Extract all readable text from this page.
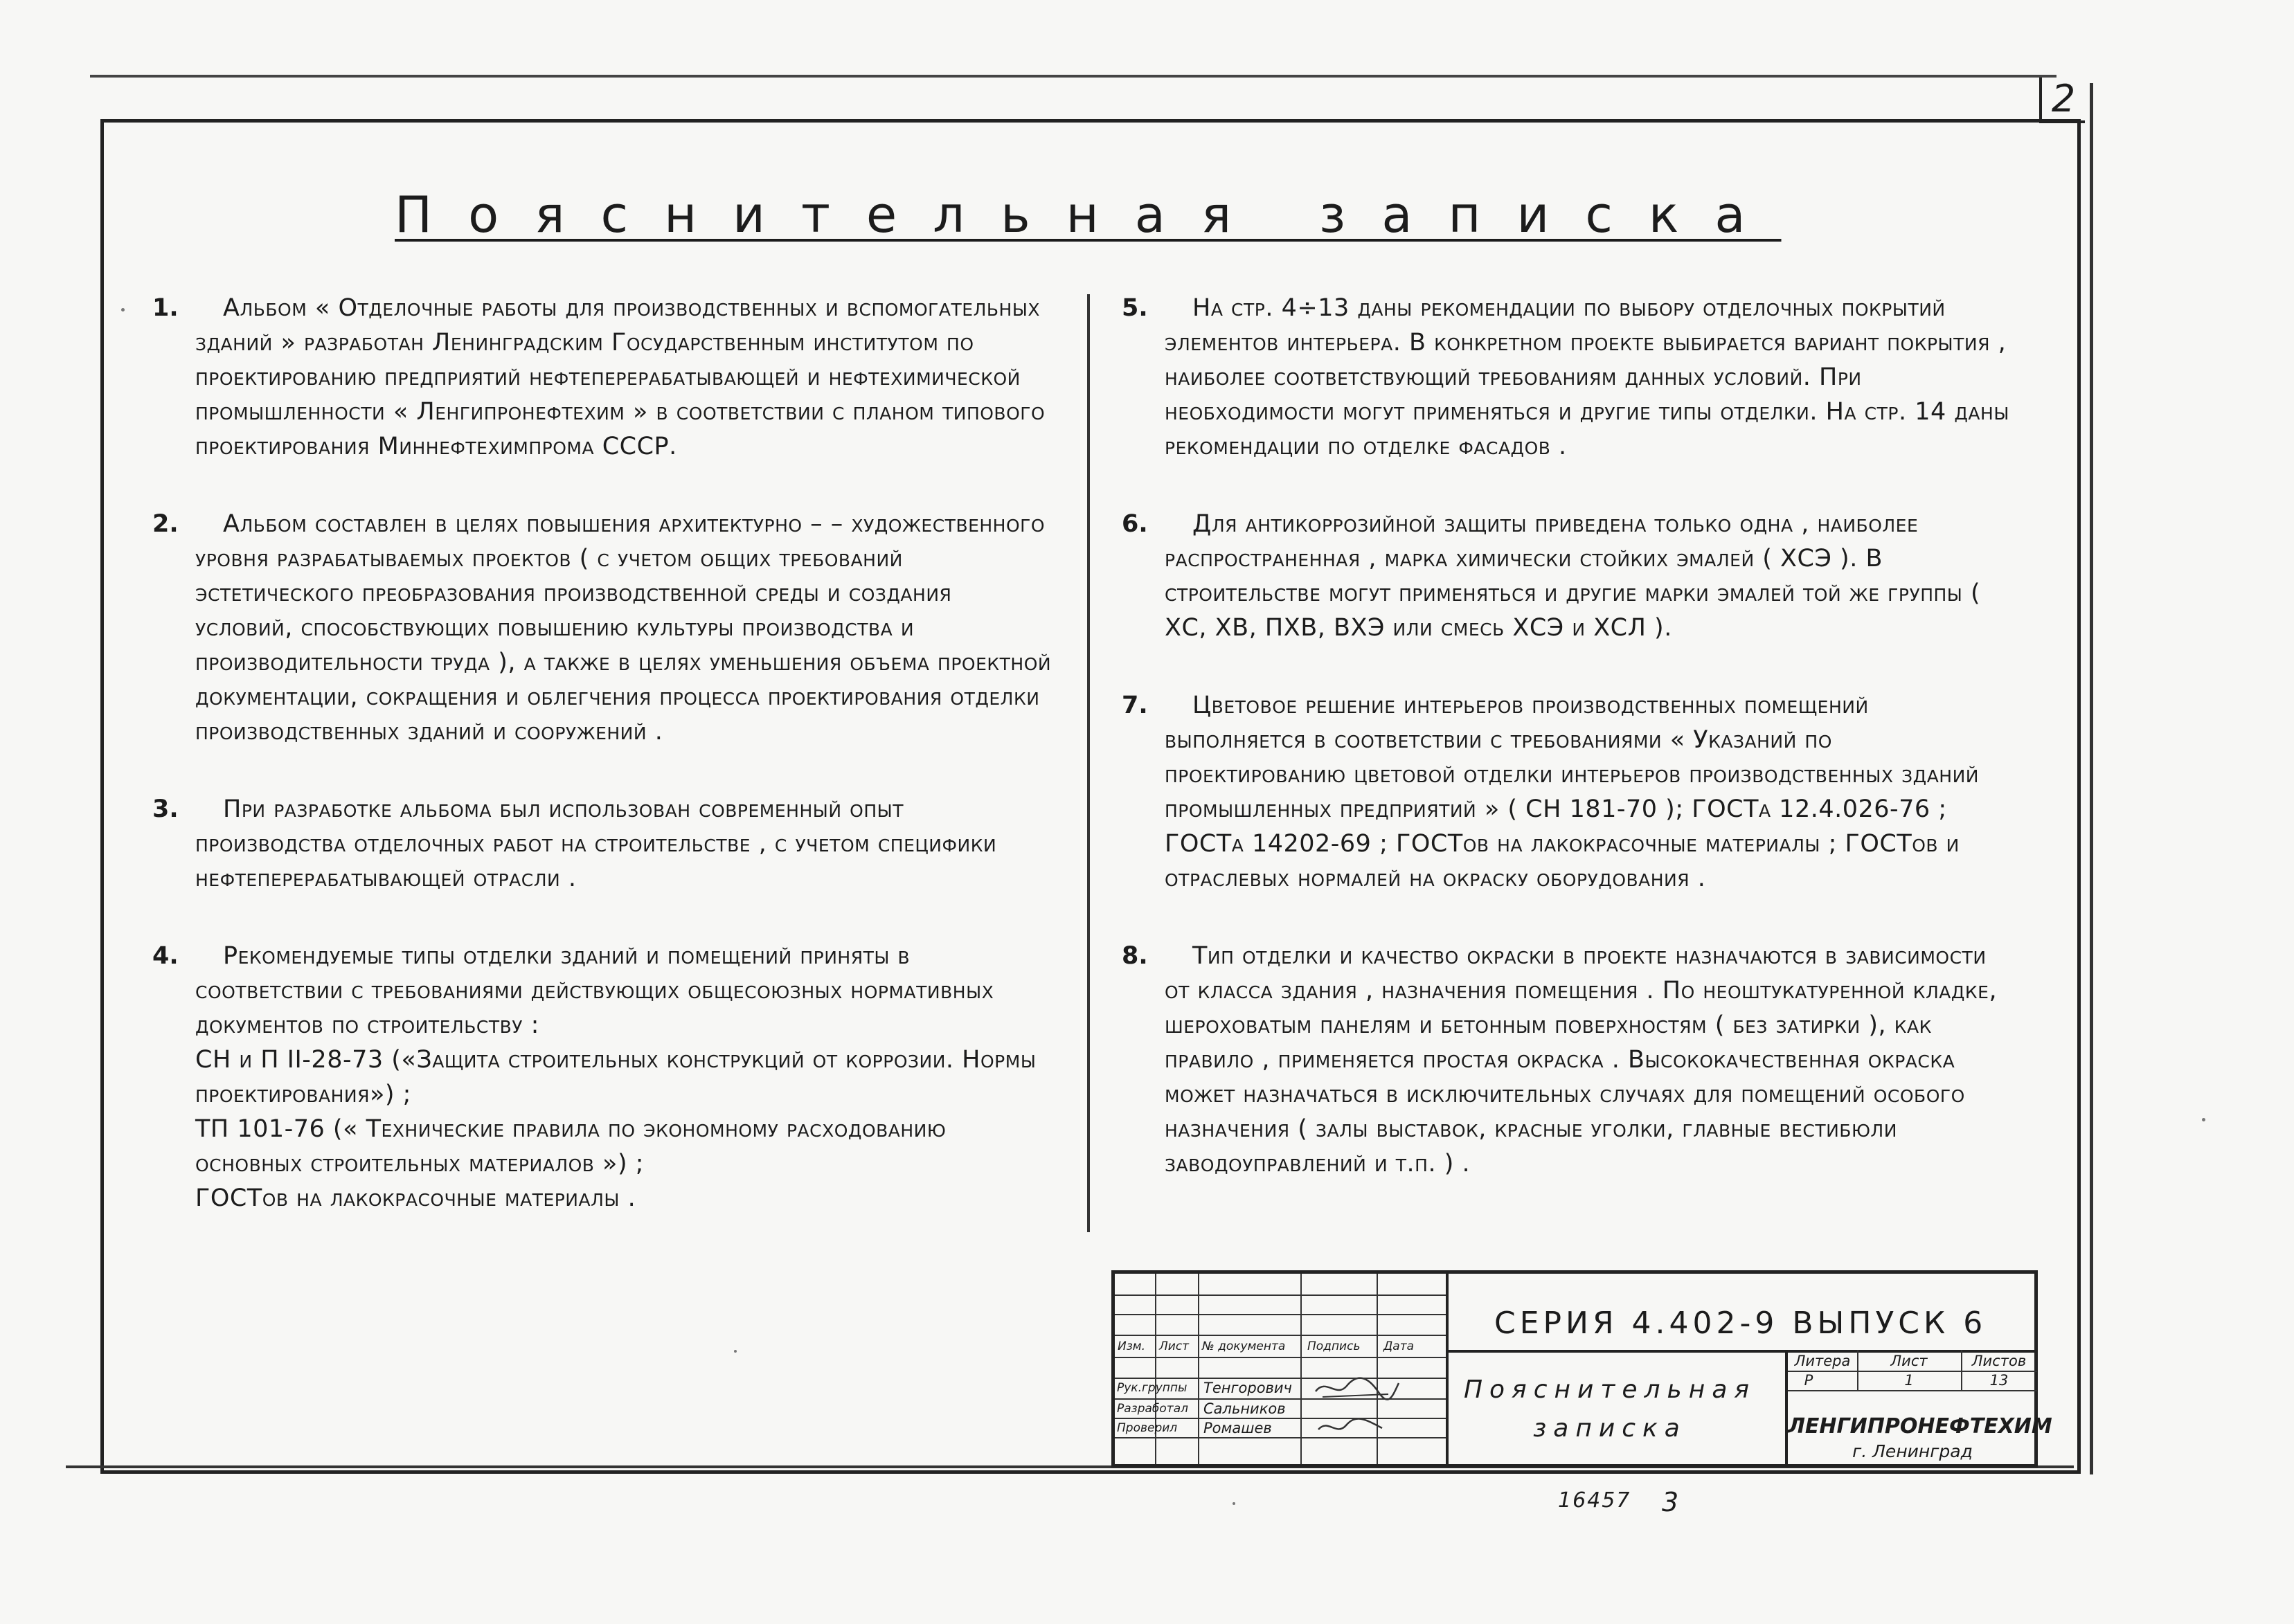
2
Пояснительная записка
1.	Альбом « Отделочные работы для производственных и вспомогательных зданий » разработан Ленинградским Государственным институтом по проектированию предприятий нефтеперерабатывающей и нефтехимической промышленности « Ленгипронефтехим » в соответствии с планом типового проектирования Миннефтехимпрома СССР.
2.	Альбом составлен в целях повышения архитектурно – – художественного уровня разрабатываемых проектов ( с учетом общих требований эстетического преобразования производственной среды и создания условий, способствующих повышению культуры производства и производительности труда ), а также в целях уменьшения объема проектной документации, сокращения и облегчения процесса проектирования отделки производственных зданий и сооружений .
3.	При разработке альбома был использован современный опыт производства отделочных работ на строительстве , с учетом специфики нефтеперерабатывающей отрасли .
4.	Рекомендуемые типы отделки зданий и помещений приняты в соответствии с требованиями действующих общесоюзных нормативных документов по строительству :
СН и П II-28-73 («Защита строительных конструкций от коррозии. Нормы проектирования») ;
ТП 101-76 (« Технические правила по экономному расходованию основных строительных материалов ») ;
ГОСТов на лакокрасочные материалы .
5.	На стр. 4÷13 даны рекомендации по выбору отделочных покрытий элементов интерьера. В конкретном проекте выбирается вариант покрытия , наиболее соответствующий требованиям данных условий. При необходимости могут применяться и другие типы отделки. На стр. 14 даны рекомендации по отделке фасадов .
6.	Для антикоррозийной защиты приведена только одна , наиболее распространенная , марка химически стойких эмалей ( ХСЭ ). В строительстве могут применяться и другие марки эмалей той же группы ( ХС, ХВ, ПХВ, ВХЭ или смесь ХСЭ и ХСЛ ).
7.	Цветовое решение интерьеров производственных помещений выполняется в соответствии с требованиями « Указаний по проектированию цветовой отделки интерьеров производственных зданий промышленных предприятий » ( СН 181-70 ); ГОСТа 12.4.026-76 ; ГОСТа 14202-69 ; ГОСТов на лакокрасочные материалы ; ГОСТов и отраслевых нормалей на окраску оборудования .
8.	Тип отделки и качество окраски в проекте назначаются в зависимости от класса здания , назначения помещения . По неоштукатуренной кладке, шероховатым панелям и бетонным поверхностям ( без затирки ), как правило , применяется простая окраска . Высококачественная окраска может назначаться в исключительных случаях для помещений особого назначения ( залы выставок, красные уголки, главные вестибюли заводоуправлений и т.п. ) .
Изм. Лист № документа Подпись Дата
Рук.группы Тенгорович
Разработал Сальников
Проверил Ромашев
СЕРИЯ 4.402-9 ВЫПУСК 6
Пояснительная записка
Литера	Лист	Листов
Р	1	13
ЛЕНГИПРОНЕФТЕХИМ
г. Ленинград
16457 3
